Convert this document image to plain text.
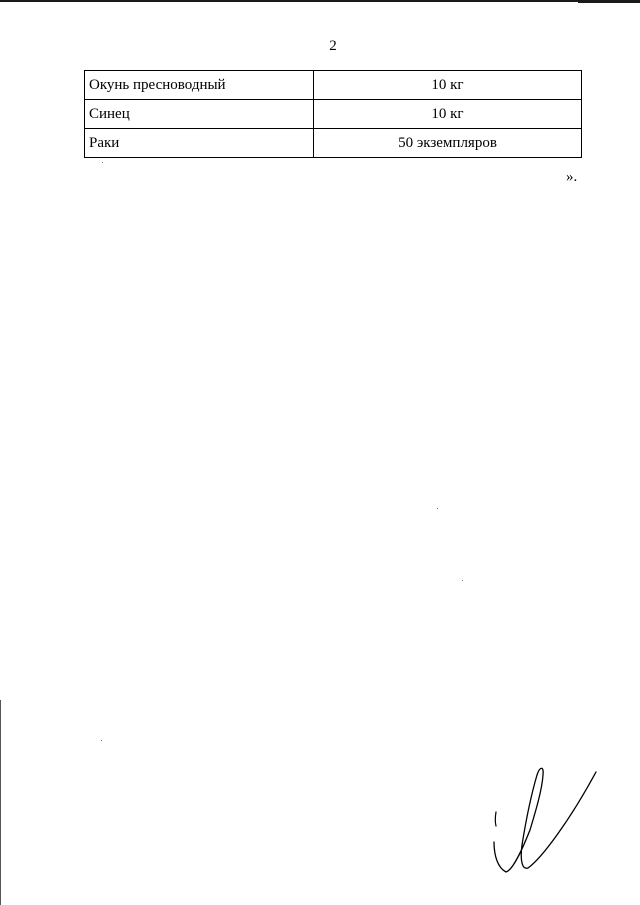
2
Окунь пресноводный	10 кг
Синец	10 кг
Раки	50 экземпляров
».
